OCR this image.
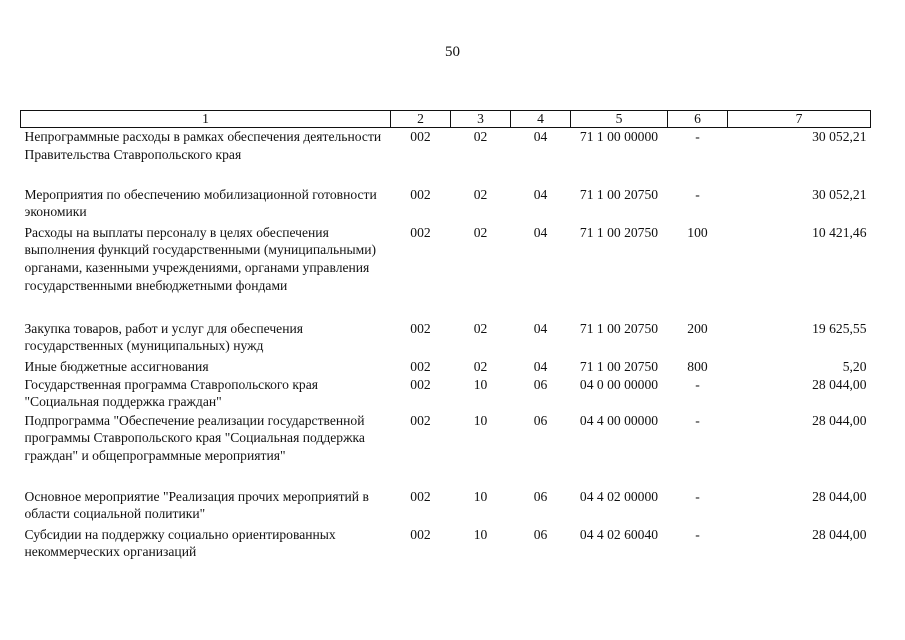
50
1	2	3	4	5	6	7
Непрограммные расходы в рамках обеспечения деятельности Правительства Ставропольского края	002	02	04	71 1 00 00000	-	30 052,21
Мероприятия по обеспечению мобилизационной готовности экономики	002	02	04	71 1 00 20750	-	30 052,21
Расходы на выплаты персоналу в целях обеспечения выполнения функций государственными (муниципальными) органами, казенными учреждениями, органами управления государственными внебюджетными фондами	002	02	04	71 1 00 20750	100	10 421,46
Закупка товаров, работ и услуг для обеспечения государственных (муниципальных) нужд	002	02	04	71 1 00 20750	200	19 625,55
Иные бюджетные ассигнования	002	02	04	71 1 00 20750	800	5,20
Государственная программа Ставропольского края "Социальная поддержка граждан"	002	10	06	04 0 00 00000	-	28 044,00
Подпрограмма "Обеспечение реализации государственной программы Ставропольского края "Социальная поддержка граждан" и общепрограммные мероприятия"	002	10	06	04 4 00 00000	-	28 044,00
Основное мероприятие "Реализация прочих мероприятий в области социальной политики"	002	10	06	04 4 02 00000	-	28 044,00
Субсидии на поддержку социально ориентированных некоммерческих организаций	002	10	06	04 4 02 60040	-	28 044,00
